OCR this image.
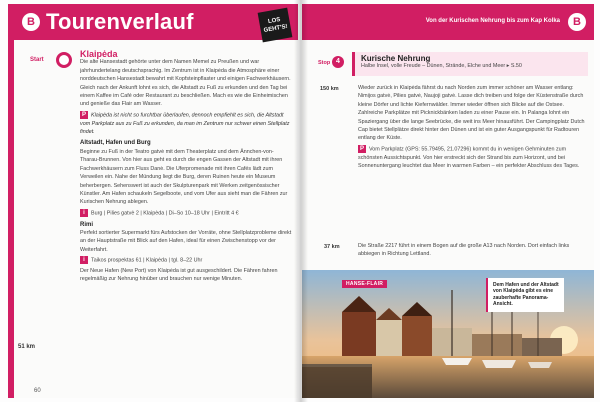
B Tourenverlauf	LOS GEHT'S!
Start
Klaipėda
Die alte Hansestadt gehörte unter dem Namen Memel zu Preußen und war jahrhundertelang deutschsprachig. Im Zentrum ist in Klaipėda die Atmosphäre einer norddeutschen Hansestadt bewahrt mit Kopfsteinpflaster und einigen Fachwerkhäusern. Gleich nach der Ankunft lohnt es sich, die Altstadt zu Fuß zu erkunden und den Tag bei einem Kaffee im Café oder Restaurant zu beschließen. Mach es wie die Einheimischen und genieße das Flair am Wasser.
P Klaipėda ist nicht so furchtbar überlaufen, dennoch empfiehlt es sich, die Altstadt vom Parkplatz aus zu Fuß zu erkunden, da man im Zentrum nur schwer einen Stellplatz findet.
Altstadt, Hafen und Burg
Beginne zu Fuß in der Teatro gatvė mit dem Theaterplatz und dem Ännchen-von-Tharau-Brunnen. Von hier aus geht es durch die engen Gassen der Altstadt mit ihren Fachwerkhäusern zum Fluss Danė. Die Uferpromenade mit ihren Cafés lädt zum Verweilen ein. Nahe der Mündung liegt die Burg, deren Ruinen heute ein Museum beherbergen. Sehenswert ist auch der Skulpturenpark mit Werken zeitgenössischer Künstler. Am Hafen schaukeln Segelboote, und vom Ufer aus sieht man die Fähren zur Kurischen Nehrung ablegen.
i Burg | Pilies gatvė 2 | Klaipėda | Di–So 10–18 Uhr | Eintritt 4 €
Rimi
Perfekt sortierter Supermarkt fürs Aufstocken der Vorräte, ohne Stellplatzprobleme direkt an der Hauptstraße mit Blick auf den Hafen, ideal für einen Zwischenstopp vor der Weiterfahrt.
i Taikos prospektas 61 | Klaipėda | tgl. 8–22 Uhr
Der Neue Hafen (New Port) von Klaipėda ist gut ausgeschildert. Die Fähren fahren regelmäßig zur Nehrung hinüber und brauchen nur wenige Minuten.
51 km
60
Von der Kurischen Nehrung bis zum Kap Kolka	B
Stop 4	Kurische Nehrung
Halbe Insel, volle Freude – Dünen, Strände, Elche und Meer ▸ S.50
150 km	Wieder zurück in Klaipėda fährst du nach Norden zum immer schöner am Wasser entlang: Nimijos gatvė, Pilies gatvė, Naujoji gatvė. Lasse dich treiben und folge der Küstenstraße durch kleine Dörfer und lichte Kiefernwälder. Immer wieder öffnen sich Blicke auf die Ostsee. Zahlreiche Parkplätze mit Picknickbänken laden zu einer Pause ein. In Palanga lohnt ein Spaziergang über die lange Seebrücke, die weit ins Meer hinausführt. Der Campingplatz Dutch Cap bietet Stellplätze direkt hinter den Dünen und ist ein guter Ausgangspunkt für Radtouren entlang der Küste.
P Vom Parkplatz (GPS: 55.79495, 21.07296) kommt du in wenigen Gehminuten zum schönsten Aussichtspunkt. Von hier erstreckt sich der Strand bis zum Horizont, und bei Sonnenuntergang leuchtet das Meer in warmen Farben – ein perfekter Abschluss des Tages.
37 km	Die Straße 2217 führt in einem Bogen auf die große A13 nach Norden. Dort einfach links abbiegen in Richtung Lettland.
HANSE-FLAIR	Dem Hafen und der Altstadt von Klaipėda gibt es eine zauberhafte Panorama-Ansicht.
